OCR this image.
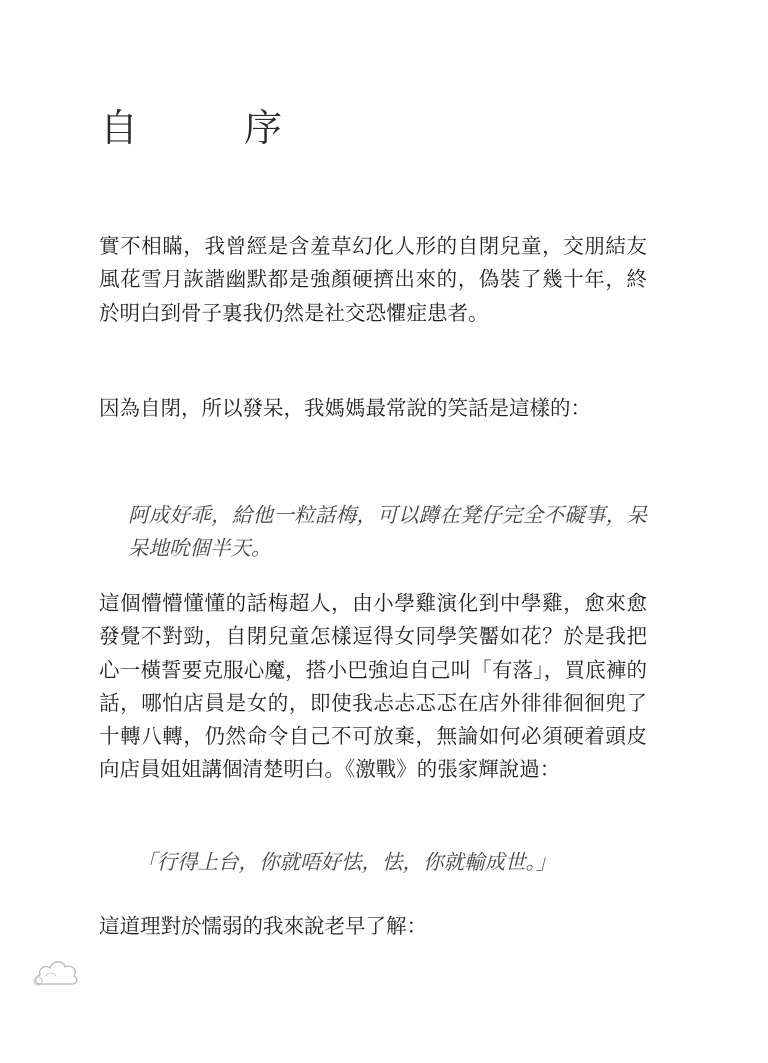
自　序

實不相瞞，我曾經是含羞草幻化人形的自閉兒童，交朋結友風花雪月詼諧幽默都是強顏硬擠出來的，偽裝了幾十年，終於明白到骨子裏我仍然是社交恐懼症患者。

因為自閉，所以發呆，我媽媽最常說的笑話是這樣的：

阿成好乖，給他一粒話梅，可以蹲在凳仔完全不礙事，呆呆地吮個半天。

這個懵懵懂懂的話梅超人，由小學雞演化到中學雞，愈來愈發覺不對勁，自閉兒童怎樣逗得女同學笑靨如花？於是我把心一橫誓要克服心魔，搭小巴強迫自己叫「有落」，買底褲的話，哪怕店員是女的，即使我忐忐忑忑在店外徘徘徊徊兜了十轉八轉，仍然命令自己不可放棄，無論如何必須硬着頭皮向店員姐姐講個清楚明白。《激戰》的張家輝說過：

「行得上台，你就唔好怯，怯，你就輸成世。」

這道理對於懦弱的我來說老早了解：
